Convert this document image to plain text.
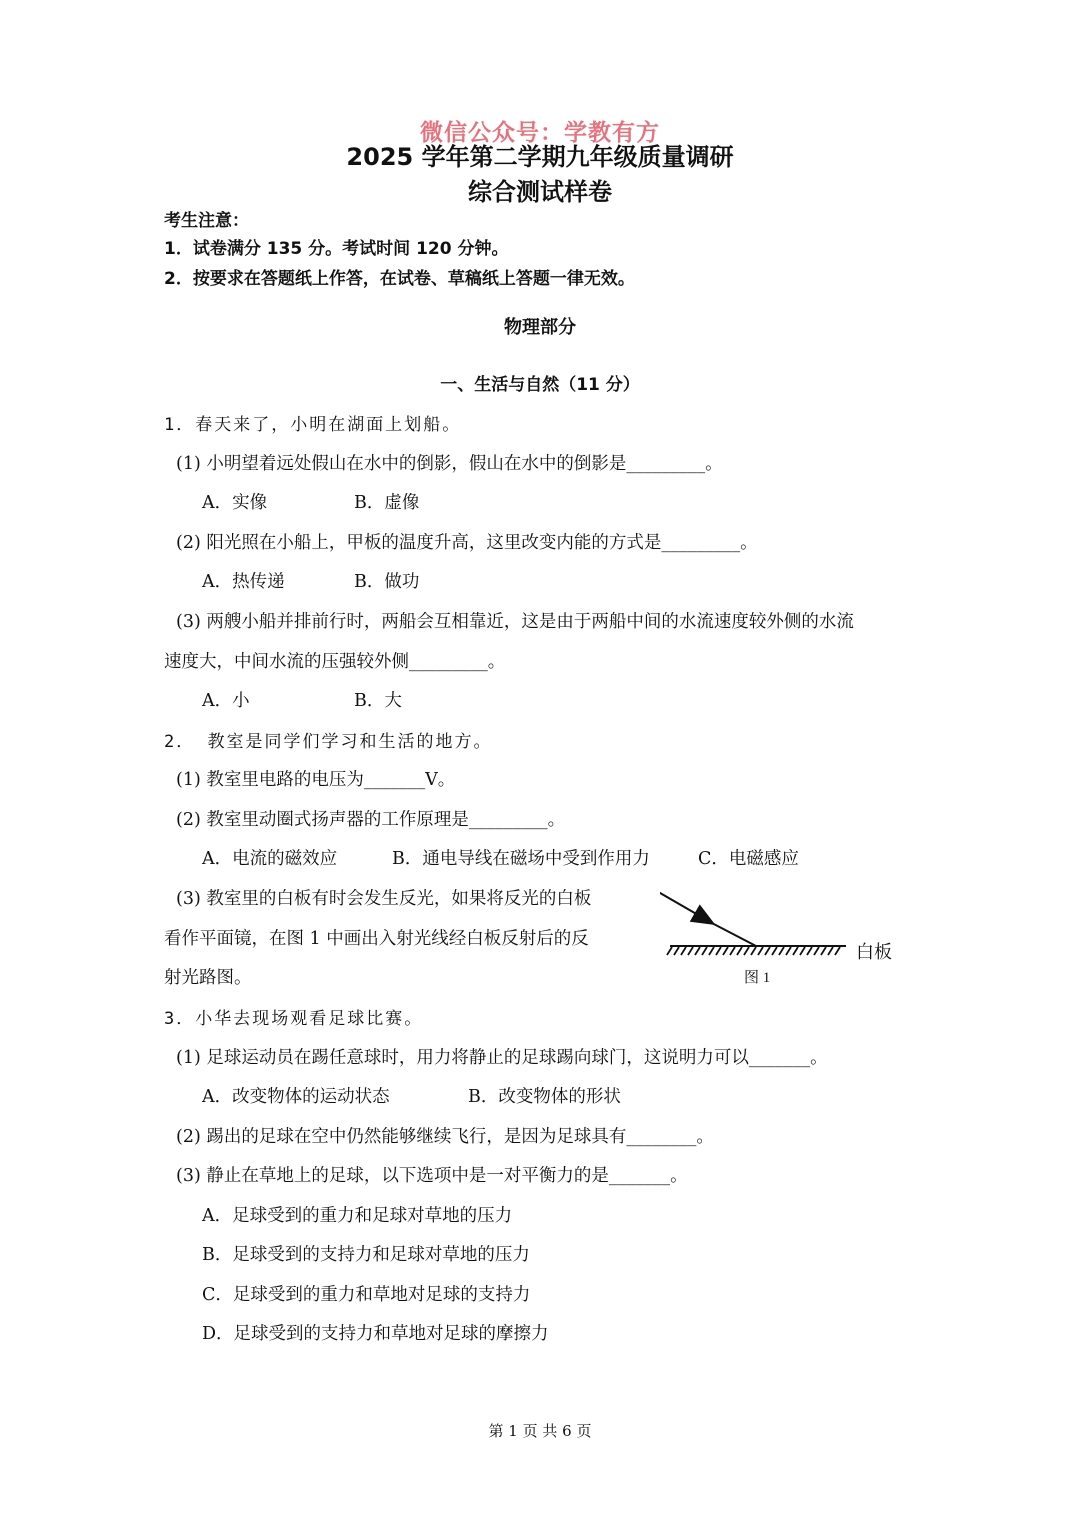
微信公众号：学教有方
2025 学年第二学期九年级质量调研
综合测试样卷
考生注意：
1．试卷满分 135 分。考试时间 120 分钟。
2．按要求在答题纸上作答，在试卷、草稿纸上答题一律无效。
物理部分
一、生活与自然（11 分）
1．春天来了，小明在湖面上划船。
(1) 小明望着远处假山在水中的倒影，假山在水中的倒影是_________。
A．实像	B．虚像
(2) 阳光照在小船上，甲板的温度升高，这里改变内能的方式是_________。
A．热传递	B．做功
(3) 两艘小船并排前行时，两船会互相靠近，这是由于两船中间的水流速度较外侧的水流
速度大，中间水流的压强较外侧_________。
A．小	B．大
2． 教室是同学们学习和生活的地方。
(1) 教室里电路的电压为_______V。
(2) 教室里动圈式扬声器的工作原理是_________。
A．电流的磁效应	B．通电导线在磁场中受到作用力	C．电磁感应
(3) 教室里的白板有时会发生反光，如果将反光的白板
看作平面镜，在图 1 中画出入射光线经白板反射后的反
射光路图。
白板
图 1
3．小华去现场观看足球比赛。
(1) 足球运动员在踢任意球时，用力将静止的足球踢向球门，这说明力可以_______。
A．改变物体的运动状态	B．改变物体的形状
(2) 踢出的足球在空中仍然能够继续飞行，是因为足球具有________。
(3) 静止在草地上的足球，以下选项中是一对平衡力的是_______。
A．足球受到的重力和足球对草地的压力
B．足球受到的支持力和足球对草地的压力
C．足球受到的重力和草地对足球的支持力
D．足球受到的支持力和草地对足球的摩擦力
第 1 页 共 6 页
